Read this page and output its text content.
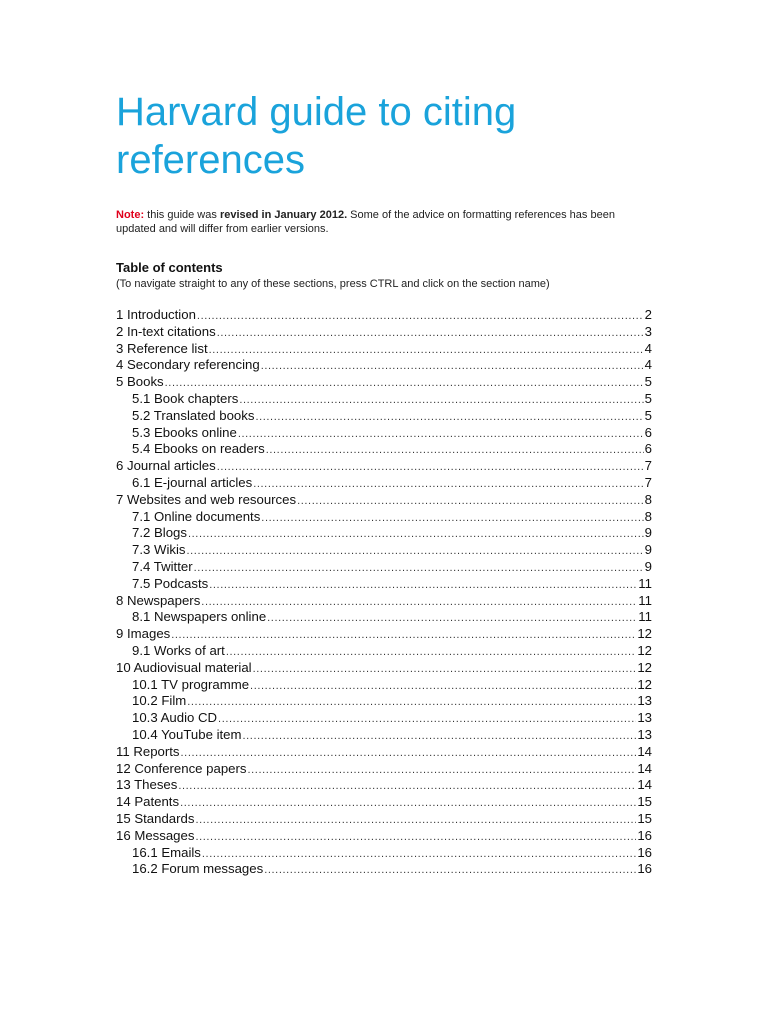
Harvard guide to citing references
Note: this guide was revised in January 2012. Some of the advice on formatting references has been updated and will differ from earlier versions.
Table of contents
(To navigate straight to any of these sections, press CTRL and click on the section name)
1 Introduction .....	2
2 In-text citations .....	3
3 Reference list .....	4
4 Secondary referencing .....	4
5 Books .....	5
5.1 Book chapters .....	5
5.2 Translated books .....	5
5.3 Ebooks online .....	6
5.4 Ebooks on readers .....	6
6 Journal articles .....	7
6.1 E-journal articles .....	7
7 Websites and web resources .....	8
7.1 Online documents .....	8
7.2 Blogs .....	9
7.3 Wikis .....	9
7.4 Twitter .....	9
7.5 Podcasts .....	11
8 Newspapers .....	11
8.1 Newspapers online .....	11
9 Images .....	12
9.1 Works of art .....	12
10 Audiovisual material .....	12
10.1 TV programme .....	12
10.2 Film .....	13
10.3 Audio CD .....	13
10.4 YouTube item .....	13
11 Reports .....	14
12 Conference papers .....	14
13 Theses .....	14
14 Patents .....	15
15 Standards .....	15
16 Messages .....	16
16.1 Emails .....	16
16.2 Forum messages .....	16
